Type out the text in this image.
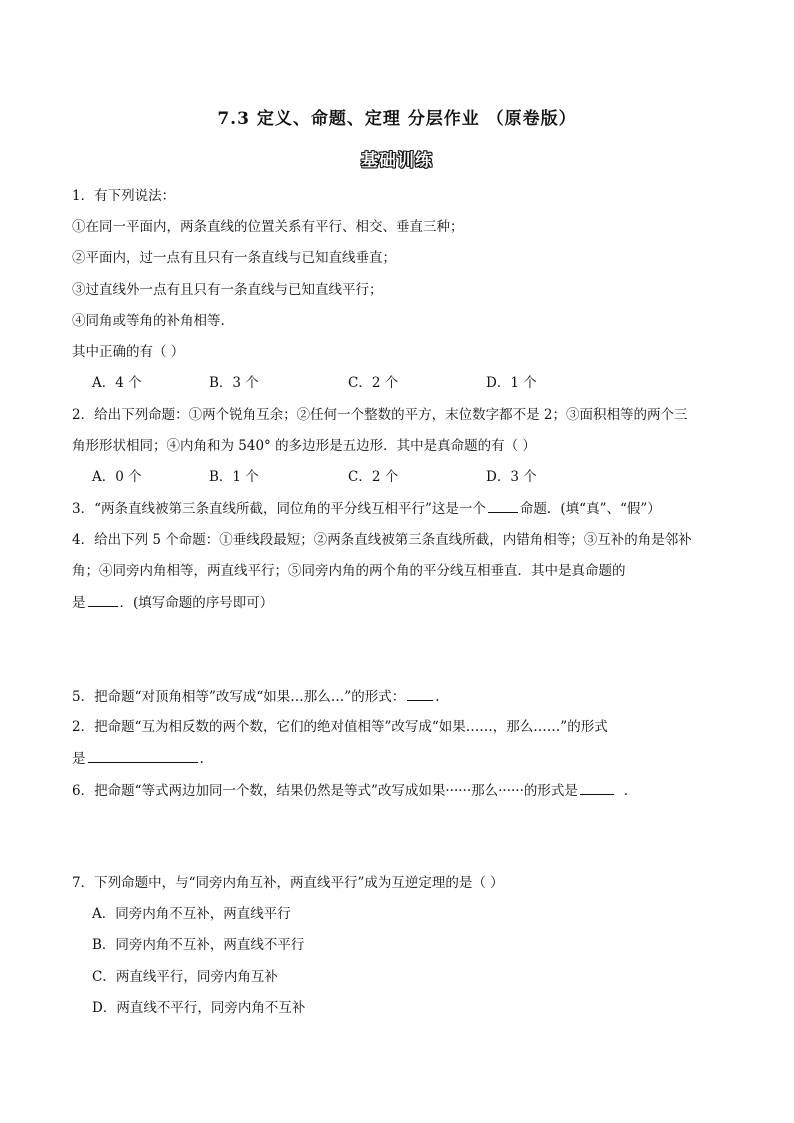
7.3 定义、命题、定理 分层作业 （原卷版）
基础训练
1．有下列说法：
①在同一平面内，两条直线的位置关系有平行、相交、垂直三种；
②平面内，过一点有且只有一条直线与已知直线垂直；
③过直线外一点有且只有一条直线与已知直线平行；
④同角或等角的补角相等.
其中正确的有（ ）
A．4 个	B．3 个	C．2 个	D．1 个
2．给出下列命题：①两个锐角互余；②任何一个整数的平方，末位数字都不是 2；③面积相等的两个三
角形形状相同；④内角和为 540° 的多边形是五边形．其中是真命题的有（ ）
A．0 个	B．1 个	C．2 个	D．3 个
3．“两条直线被第三条直线所截，同位角的平分线互相平行”这是一个	命题．(填“真”、“假”）
4．给出下列 5 个命题：①垂线段最短；②两条直线被第三条直线所截，内错角相等；③互补的角是邻补
角；④同旁内角相等，两直线平行；⑤同旁内角的两个角的平分线互相垂直．其中是真命题的
是	．(填写命题的序号即可）
5．把命题“对顶角相等”改写成“如果…那么…”的形式： .
2．把命题“互为相反数的两个数，它们的绝对值相等”改写成“如果……，那么……”的形式
是	.
6．把命题“等式两边加同一个数，结果仍然是等式”改写成如果······那么······的形式是	．
7．下列命题中，与“同旁内角互补，两直线平行”成为互逆定理的是（ ）
A．同旁内角不互补，两直线平行
B．同旁内角不互补，两直线不平行
C．两直线平行，同旁内角互补
D．两直线不平行，同旁内角不互补
